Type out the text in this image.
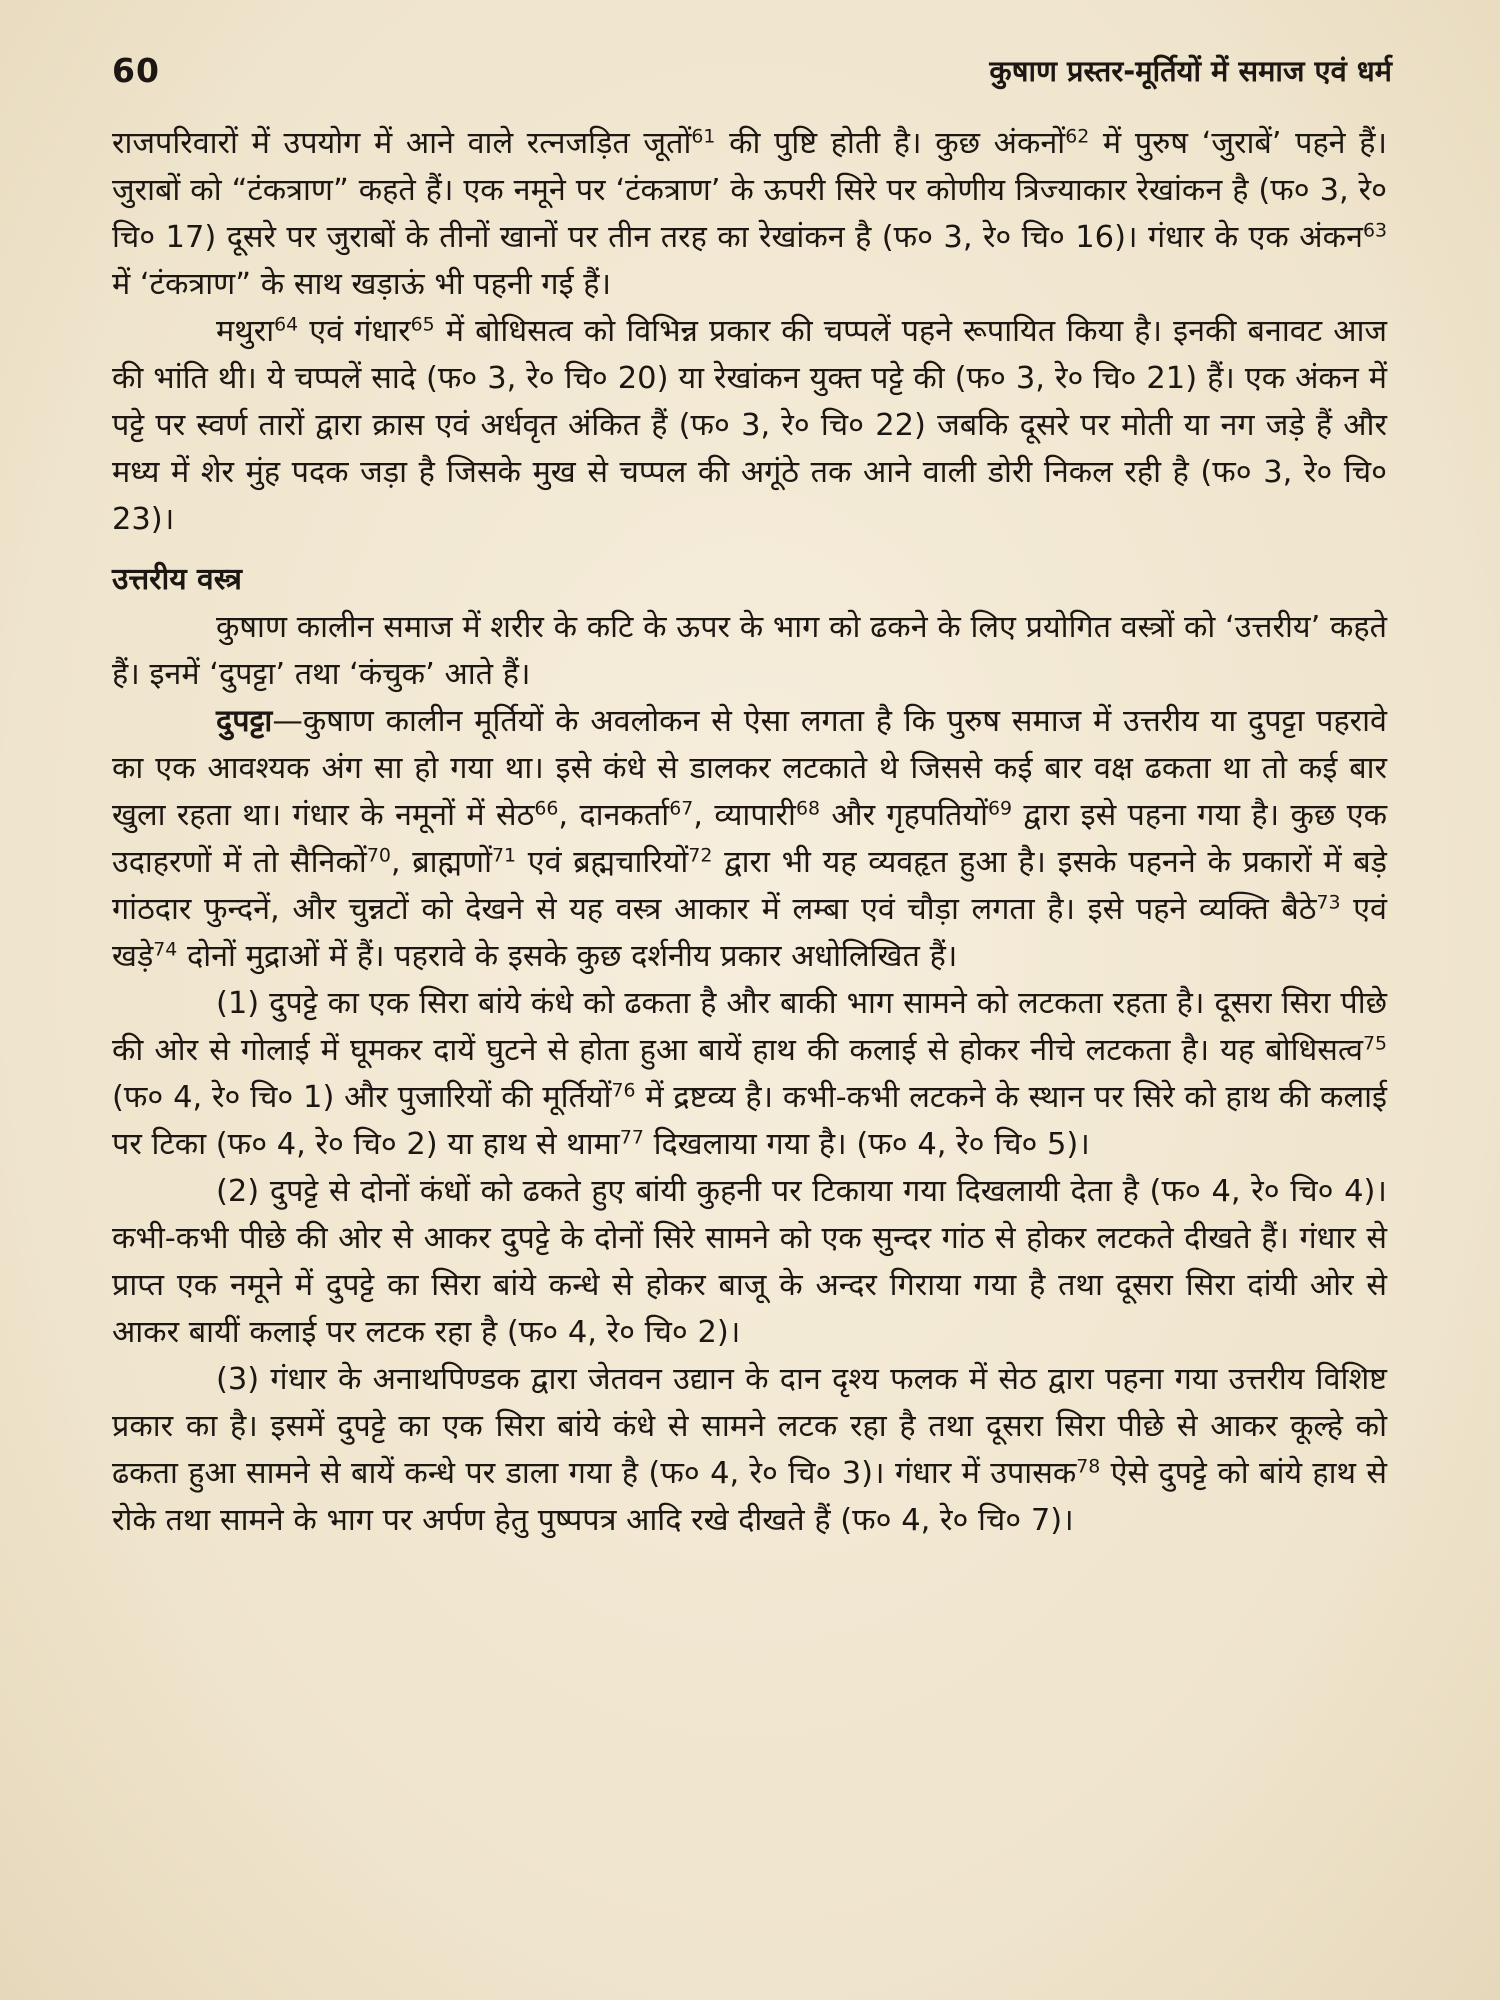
60	कुषाण प्रस्तर-मूर्तियों में समाज एवं धर्म

राजपरिवारों में उपयोग में आने वाले रत्नजड़ित जूतों$^{61}$ की पुष्टि होती है। कुछ अंकनों$^{62}$ में पुरुष ‘जुराबें’ पहने हैं। जुराबों को “टंकत्राण” कहते हैं। एक नमूने पर ‘टंकत्राण’ के ऊपरी सिरे पर कोणीय त्रिज्याकार रेखांकन है (फ० 3, रे० चि० 17) दूसरे पर जुराबों के तीनों खानों पर तीन तरह का रेखांकन है (फ० 3, रे० चि० 16)। गंधार के एक अंकन$^{63}$ में ‘टंकत्राण” के साथ खड़ाऊं भी पहनी गई हैं।

मथुरा$^{64}$ एवं गंधार$^{65}$ में बोधिसत्व को विभिन्न प्रकार की चप्पलें पहने रूपायित किया है। इनकी बनावट आज की भांति थी। ये चप्पलें सादे (फ० 3, रे० चि० 20) या रेखांकन युक्त पट्टे की (फ० 3, रे० चि० 21) हैं। एक अंकन में पट्टे पर स्वर्ण तारों द्वारा क्रास एवं अर्धवृत अंकित हैं (फ० 3, रे० चि० 22) जबकि दूसरे पर मोती या नग जड़े हैं और मध्य में शेर मुंह पदक जड़ा है जिसके मुख से चप्पल की अगूंठे तक आने वाली डोरी निकल रही है (फ० 3, रे० चि० 23)।

उत्तरीय वस्त्र

कुषाण कालीन समाज में शरीर के कटि के ऊपर के भाग को ढकने के लिए प्रयोगित वस्त्रों को ‘उत्तरीय’ कहते हैं। इनमें ‘दुपट्टा’ तथा ‘कंचुक’ आते हैं।

दुपट्टा—कुषाण कालीन मूर्तियों के अवलोकन से ऐसा लगता है कि पुरुष समाज में उत्तरीय या दुपट्टा पहरावे का एक आवश्यक अंग सा हो गया था। इसे कंधे से डालकर लटकाते थे जिससे कई बार वक्ष ढकता था तो कई बार खुला रहता था। गंधार के नमूनों में सेठ$^{66}$, दानकर्ता$^{67}$, व्यापारी$^{68}$ और गृहपतियों$^{69}$ द्वारा इसे पहना गया है। कुछ एक उदाहरणों में तो सैनिकों$^{70}$, ब्राह्मणों$^{71}$ एवं ब्रह्मचारियों$^{72}$ द्वारा भी यह व्यवहृत हुआ है। इसके पहनने के प्रकारों में बड़े गांठदार फुन्दनें, और चुन्नटों को देखने से यह वस्त्र आकार में लम्बा एवं चौड़ा लगता है। इसे पहने व्यक्ति बैठे$^{73}$ एवं खड़े$^{74}$ दोनों मुद्राओं में हैं। पहरावे के इसके कुछ दर्शनीय प्रकार अधोलिखित हैं।

(1) दुपट्टे का एक सिरा बांये कंधे को ढकता है और बाकी भाग सामने को लटकता रहता है। दूसरा सिरा पीछे की ओर से गोलाई में घूमकर दायें घुटने से होता हुआ बायें हाथ की कलाई से होकर नीचे लटकता है। यह बोधिसत्व$^{75}$ (फ० 4, रे० चि० 1) और पुजारियों की मूर्तियों$^{76}$ में द्रष्टव्य है। कभी-कभी लटकने के स्थान पर सिरे को हाथ की कलाई पर टिका (फ० 4, रे० चि० 2) या हाथ से थामा$^{77}$ दिखलाया गया है। (फ० 4, रे० चि० 5)।

(2) दुपट्टे से दोनों कंधों को ढकते हुए बांयी कुहनी पर टिकाया गया दिखलायी देता है (फ० 4, रे० चि० 4)। कभी-कभी पीछे की ओर से आकर दुपट्टे के दोनों सिरे सामने को एक सुन्दर गांठ से होकर लटकते दीखते हैं। गंधार से प्राप्त एक नमूने में दुपट्टे का सिरा बांये कन्धे से होकर बाजू के अन्दर गिराया गया है तथा दूसरा सिरा दांयी ओर से आकर बायीं कलाई पर लटक रहा है (फ० 4, रे० चि० 2)।

(3) गंधार के अनाथपिण्डक द्वारा जेतवन उद्यान के दान दृश्य फलक में सेठ द्वारा पहना गया उत्तरीय विशिष्ट प्रकार का है। इसमें दुपट्टे का एक सिरा बांये कंधे से सामने लटक रहा है तथा दूसरा सिरा पीछे से आकर कूल्हे को ढकता हुआ सामने से बायें कन्धे पर डाला गया है (फ० 4, रे० चि० 3)। गंधार में उपासक$^{78}$ ऐसे दुपट्टे को बांये हाथ से रोके तथा सामने के भाग पर अर्पण हेतु पुष्पपत्र आदि रखे दीखते हैं (फ० 4, रे० चि० 7)।
